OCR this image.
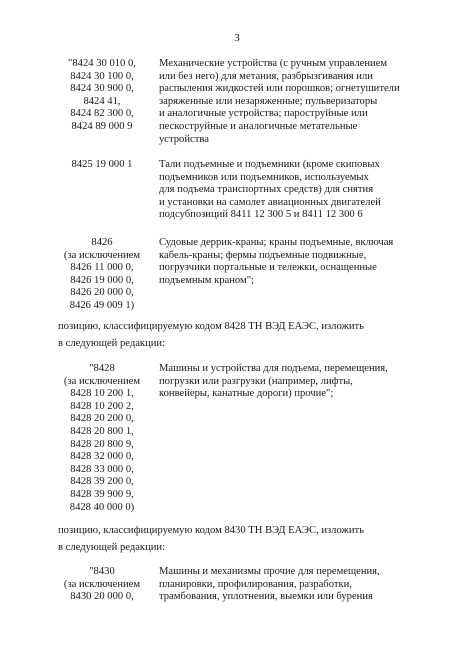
3
"8424 30 010 0,
8424 30 100 0,
8424 30 900 0,
8424 41,
8424 82 300 0,
8424 89 000 9
Механические устройства (с ручным управлением
или без него) для метания, разбрызгивания или
распыления жидкостей или порошков; огнетушители
заряженные или незаряженные; пульверизаторы
и аналогичные устройства; пароструйные или
пескоструйные и аналогичные метательные
устройства
8425 19 000 1	Тали подъемные и подъемники (кроме скиповых
подъемников или подъемников, используемых
для подъема транспортных средств) для снятия
и установки на самолет авиационных двигателей
подсубпозиций 8411 12 300 5 и 8411 12 300 6
8426
(за исключением
8426 11 000 0,
8426 19 000 0,
8426 20 000 0,
8426 49 009 1)
Судовые деррик-краны; краны подъемные, включая
кабель-краны; фермы подъемные подвижные,
погрузчики портальные и тележки, оснащенные
подъемным краном";
позицию, классифицируемую кодом 8428 ТН ВЭД ЕАЭС, изложить
в следующей редакции:
"8428
(за исключением
8428 10 200 1,
8428 10 200 2,
8428 20 200 0,
8428 20 800 1,
8428 20 800 9,
8428 32 000 0,
8428 33 000 0,
8428 39 200 0,
8428 39 900 9,
8428 40 000 0)
Машины и устройства для подъема, перемещения,
погрузки или разгрузки (например, лифты,
конвейеры, канатные дороги) прочие";
позицию, классифицируемую кодом 8430 ТН ВЭД ЕАЭС, изложить
в следующей редакции:
"8430
(за исключением
8430 20 000 0,
Машины и механизмы прочие для перемещения,
планировки, профилирования, разработки,
трамбования, уплотнения, выемки или бурения
